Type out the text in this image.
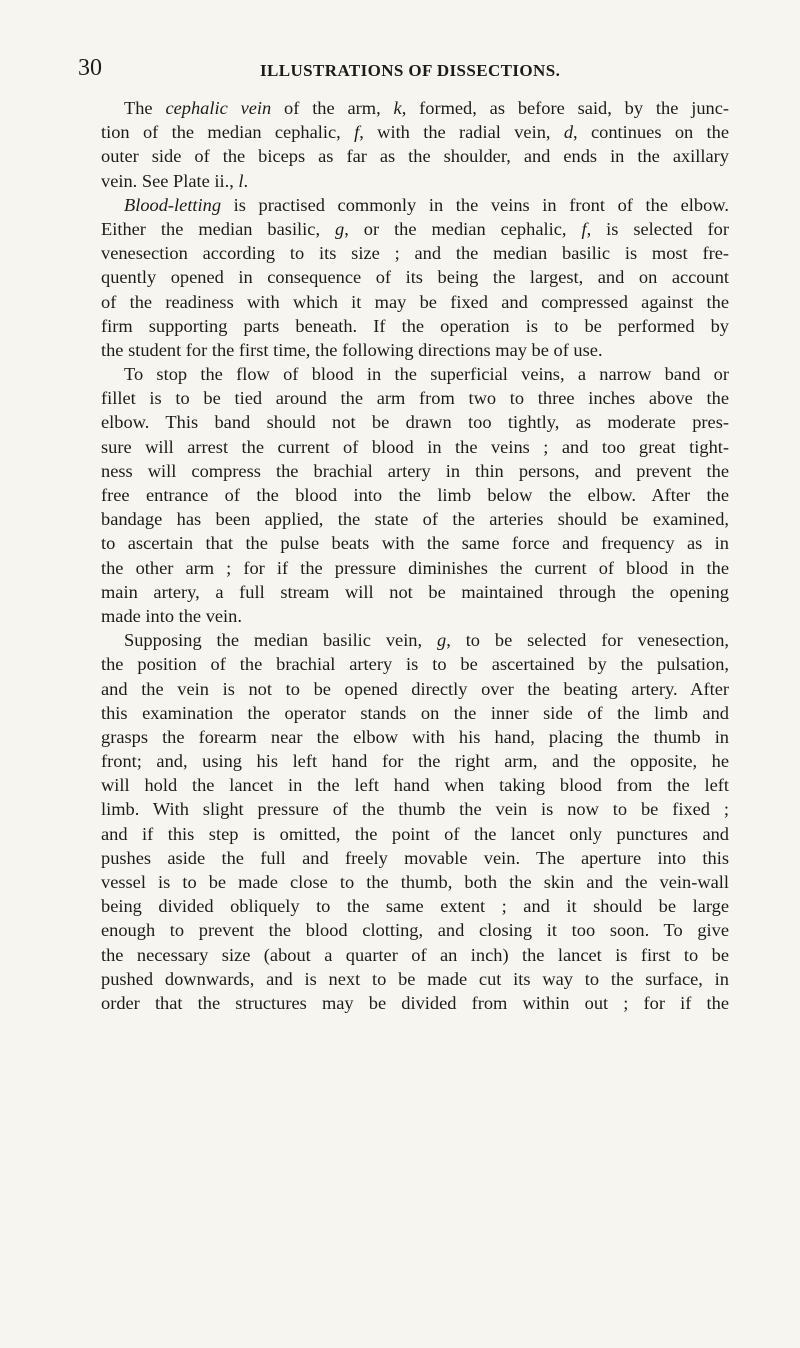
30	ILLUSTRATIONS OF DISSECTIONS.
The cephalic vein of the arm, k, formed, as before said, by the junc-
tion of the median cephalic, f, with the radial vein, d, continues on the
outer side of the biceps as far as the shoulder, and ends in the axillary
vein. See Plate ii., l.
Blood-letting is practised commonly in the veins in front of the elbow.
Either the median basilic, g, or the median cephalic, f, is selected for
venesection according to its size ; and the median basilic is most fre-
quently opened in consequence of its being the largest, and on account
of the readiness with which it may be fixed and compressed against the
firm supporting parts beneath. If the operation is to be performed by
the student for the first time, the following directions may be of use.
To stop the flow of blood in the superficial veins, a narrow band or
fillet is to be tied around the arm from two to three inches above the
elbow. This band should not be drawn too tightly, as moderate pres-
sure will arrest the current of blood in the veins ; and too great tight-
ness will compress the brachial artery in thin persons, and prevent the
free entrance of the blood into the limb below the elbow. After the
bandage has been applied, the state of the arteries should be examined,
to ascertain that the pulse beats with the same force and frequency as in
the other arm ; for if the pressure diminishes the current of blood in the
main artery, a full stream will not be maintained through the opening
made into the vein.
Supposing the median basilic vein, g, to be selected for venesection,
the position of the brachial artery is to be ascertained by the pulsation,
and the vein is not to be opened directly over the beating artery. After
this examination the operator stands on the inner side of the limb and
grasps the forearm near the elbow with his hand, placing the thumb in
front; and, using his left hand for the right arm, and the opposite, he
will hold the lancet in the left hand when taking blood from the left
limb. With slight pressure of the thumb the vein is now to be fixed ;
and if this step is omitted, the point of the lancet only punctures and
pushes aside the full and freely movable vein. The aperture into this
vessel is to be made close to the thumb, both the skin and the vein-wall
being divided obliquely to the same extent ; and it should be large
enough to prevent the blood clotting, and closing it too soon. To give
the necessary size (about a quarter of an inch) the lancet is first to be
pushed downwards, and is next to be made cut its way to the surface, in
order that the structures may be divided from within out ; for if the
